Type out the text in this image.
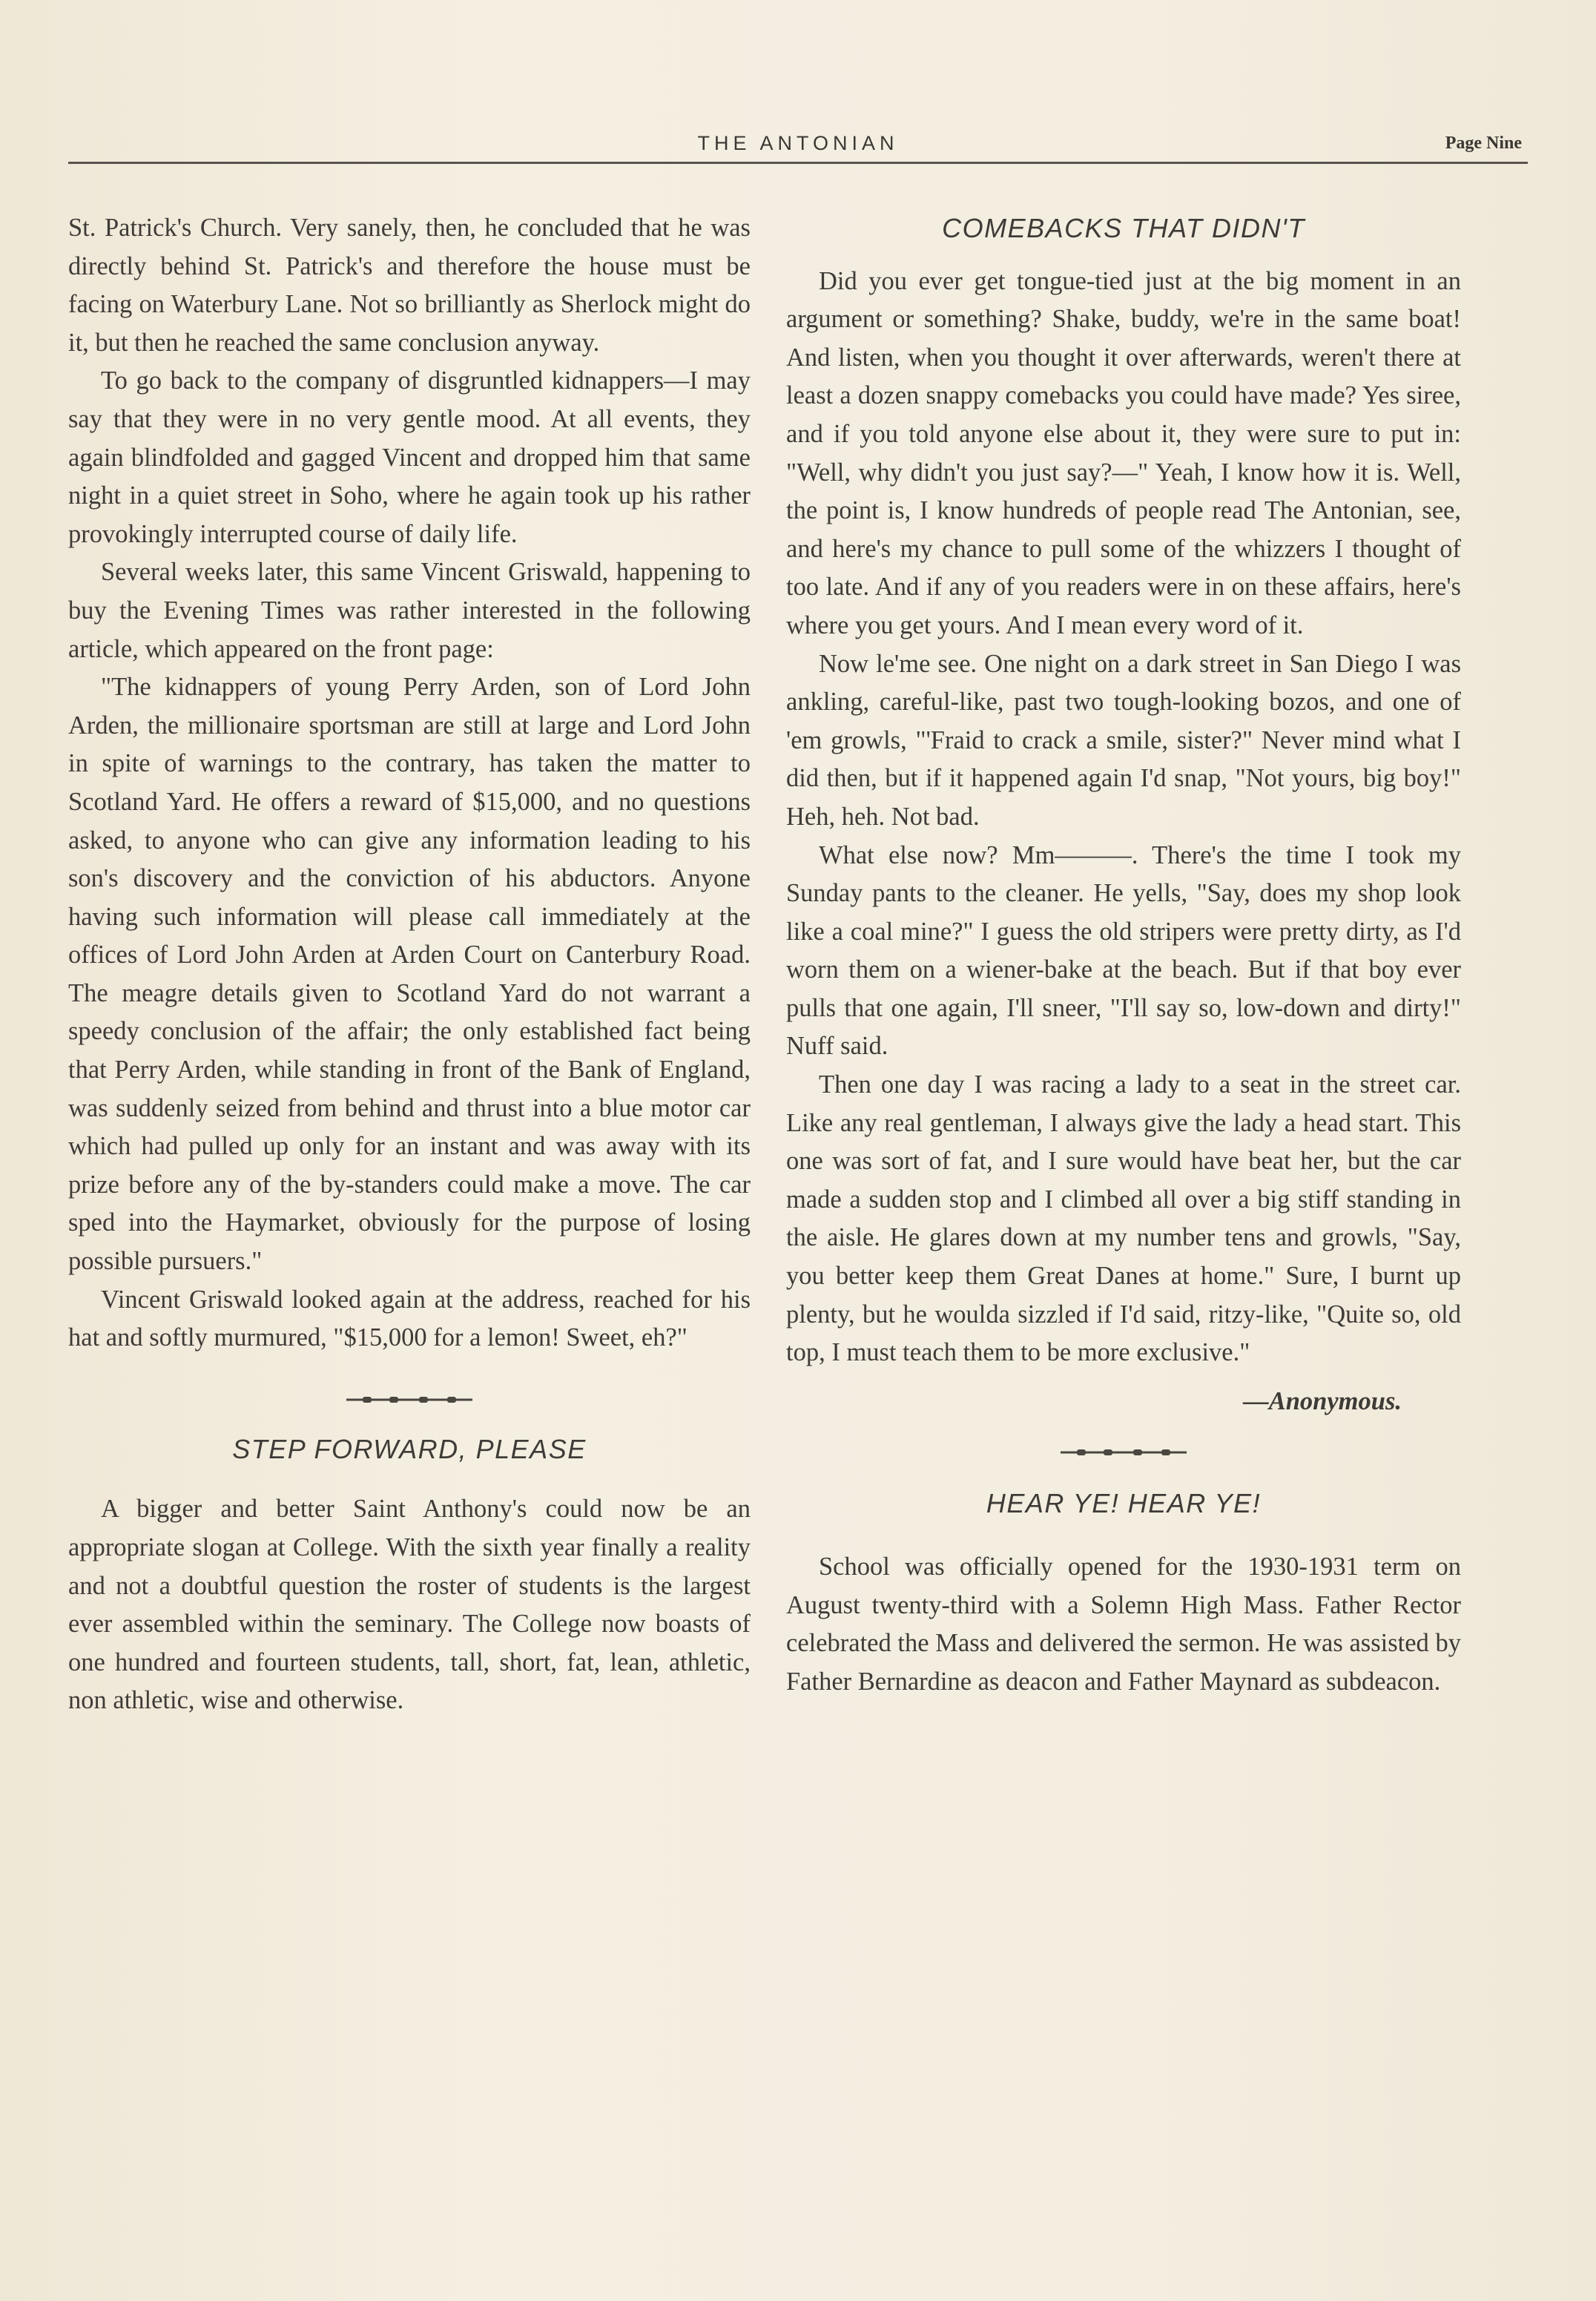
THE ANTONIAN	Page Nine

St. Patrick's Church. Very sanely, then, he concluded that he was directly behind St. Patrick's and therefore the house must be facing on Waterbury Lane. Not so brilliantly as Sherlock might do it, but then he reached the same conclusion anyway.

To go back to the company of disgruntled kidnappers—I may say that they were in no very gentle mood. At all events, they again blindfolded and gagged Vincent and dropped him that same night in a quiet street in Soho, where he again took up his rather provokingly interrupted course of daily life.

Several weeks later, this same Vincent Griswald, happening to buy the Evening Times was rather interested in the following article, which appeared on the front page:

"The kidnappers of young Perry Arden, son of Lord John Arden, the millionaire sportsman are still at large and Lord John in spite of warnings to the contrary, has taken the matter to Scotland Yard. He offers a reward of $15,000, and no questions asked, to anyone who can give any information leading to his son's discovery and the conviction of his abductors. Anyone having such information will please call immediately at the offices of Lord John Arden at Arden Court on Canterbury Road. The meagre details given to Scotland Yard do not warrant a speedy conclusion of the affair; the only established fact being that Perry Arden, while standing in front of the Bank of England, was suddenly seized from behind and thrust into a blue motor car which had pulled up only for an instant and was away with its prize before any of the by-standers could make a move. The car sped into the Haymarket, obviously for the purpose of losing possible pursuers."

Vincent Griswald looked again at the address, reached for his hat and softly murmured, "$15,000 for a lemon! Sweet, eh?"

STEP FORWARD, PLEASE

A bigger and better Saint Anthony's could now be an appropriate slogan at College. With the sixth year finally a reality and not a doubtful question the roster of students is the largest ever assembled within the seminary. The College now boasts of one hundred and fourteen students, tall, short, fat, lean, athletic, non athletic, wise and otherwise.

COMEBACKS THAT DIDN'T

Did you ever get tongue-tied just at the big moment in an argument or something? Shake, buddy, we're in the same boat! And listen, when you thought it over afterwards, weren't there at least a dozen snappy comebacks you could have made? Yes siree, and if you told anyone else about it, they were sure to put in: "Well, why didn't you just say?—" Yeah, I know how it is. Well, the point is, I know hundreds of people read The Antonian, see, and here's my chance to pull some of the whizzers I thought of too late. And if any of you readers were in on these affairs, here's where you get yours. And I mean every word of it.

Now le'me see. One night on a dark street in San Diego I was ankling, careful-like, past two tough-looking bozos, and one of 'em growls, "'Fraid to crack a smile, sister?" Never mind what I did then, but if it happened again I'd snap, "Not yours, big boy!" Heh, heh. Not bad.

What else now? Mm———. There's the time I took my Sunday pants to the cleaner. He yells, "Say, does my shop look like a coal mine?" I guess the old stripers were pretty dirty, as I'd worn them on a wiener-bake at the beach. But if that boy ever pulls that one again, I'll sneer, "I'll say so, low-down and dirty!" Nuff said.

Then one day I was racing a lady to a seat in the street car. Like any real gentleman, I always give the lady a head start. This one was sort of fat, and I sure would have beat her, but the car made a sudden stop and I climbed all over a big stiff standing in the aisle. He glares down at my number tens and growls, "Say, you better keep them Great Danes at home." Sure, I burnt up plenty, but he woulda sizzled if I'd said, ritzy-like, "Quite so, old top, I must teach them to be more exclusive."

—Anonymous.

HEAR YE! HEAR YE!

School was officially opened for the 1930-1931 term on August twenty-third with a Solemn High Mass. Father Rector celebrated the Mass and delivered the sermon. He was assisted by Father Bernardine as deacon and Father Maynard as subdeacon.
